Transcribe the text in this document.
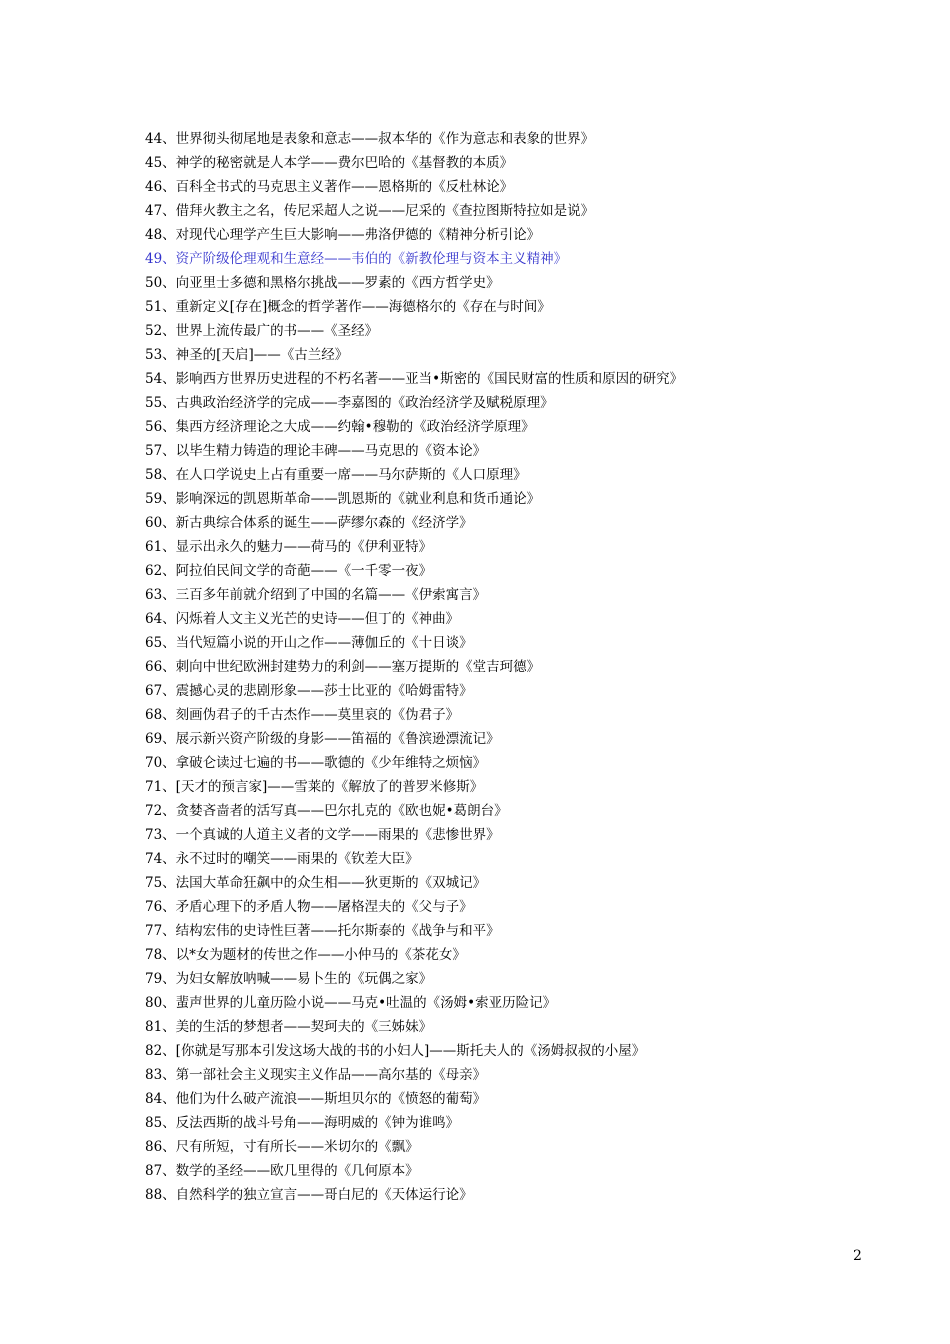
44、世界彻头彻尾地是表象和意志——叔本华的《作为意志和表象的世界》
45、神学的秘密就是人本学——费尔巴哈的《基督教的本质》
46、百科全书式的马克思主义著作——恩格斯的《反杜林论》
47、借拜火教主之名，传尼采超人之说——尼采的《查拉图斯特拉如是说》
48、对现代心理学产生巨大影响——弗洛伊德的《精神分析引论》
49、资产阶级伦理观和生意经——韦伯的《新教伦理与资本主义精神》
50、向亚里士多德和黑格尔挑战——罗素的《西方哲学史》
51、重新定义[存在]概念的哲学著作——海德格尔的《存在与时间》
52、世界上流传最广的书——《圣经》
53、神圣的[天启]——《古兰经》
54、影响西方世界历史进程的不朽名著——亚当•斯密的《国民财富的性质和原因的研究》
55、古典政治经济学的完成——李嘉图的《政治经济学及赋税原理》
56、集西方经济理论之大成——约翰•穆勒的《政治经济学原理》
57、以毕生精力铸造的理论丰碑——马克思的《资本论》
58、在人口学说史上占有重要一席——马尔萨斯的《人口原理》
59、影响深远的凯恩斯革命——凯恩斯的《就业利息和货币通论》
60、新古典综合体系的诞生——萨缪尔森的《经济学》
61、显示出永久的魅力——荷马的《伊利亚特》
62、阿拉伯民间文学的奇葩——《一千零一夜》
63、三百多年前就介绍到了中国的名篇——《伊索寓言》
64、闪烁着人文主义光芒的史诗——但丁的《神曲》
65、当代短篇小说的开山之作——薄伽丘的《十日谈》
66、刺向中世纪欧洲封建势力的利剑——塞万提斯的《堂吉珂德》
67、震撼心灵的悲剧形象——莎士比亚的《哈姆雷特》
68、刻画伪君子的千古杰作——莫里哀的《伪君子》
69、展示新兴资产阶级的身影——笛福的《鲁滨逊漂流记》
70、拿破仑读过七遍的书——歌德的《少年维特之烦恼》
71、[天才的预言家]——雪莱的《解放了的普罗米修斯》
72、贪婪吝啬者的活写真——巴尔扎克的《欧也妮•葛朗台》
73、一个真诚的人道主义者的文学——雨果的《悲惨世界》
74、永不过时的嘲笑——雨果的《钦差大臣》
75、法国大革命狂飙中的众生相——狄更斯的《双城记》
76、矛盾心理下的矛盾人物——屠格涅夫的《父与子》
77、结构宏伟的史诗性巨著——托尔斯泰的《战争与和平》
78、以*女为题材的传世之作——小仲马的《茶花女》
79、为妇女解放呐喊——易卜生的《玩偶之家》
80、蜚声世界的儿童历险小说——马克•吐温的《汤姆•索亚历险记》
81、美的生活的梦想者——契珂夫的《三姊妹》
82、[你就是写那本引发这场大战的书的小妇人]——斯托夫人的《汤姆叔叔的小屋》
83、第一部社会主义现实主义作品——高尔基的《母亲》
84、他们为什么破产流浪——斯坦贝尔的《愤怒的葡萄》
85、反法西斯的战斗号角——海明威的《钟为谁鸣》
86、尺有所短，寸有所长——米切尔的《飘》
87、数学的圣经——欧几里得的《几何原本》
88、自然科学的独立宣言——哥白尼的《天体运行论》
2
